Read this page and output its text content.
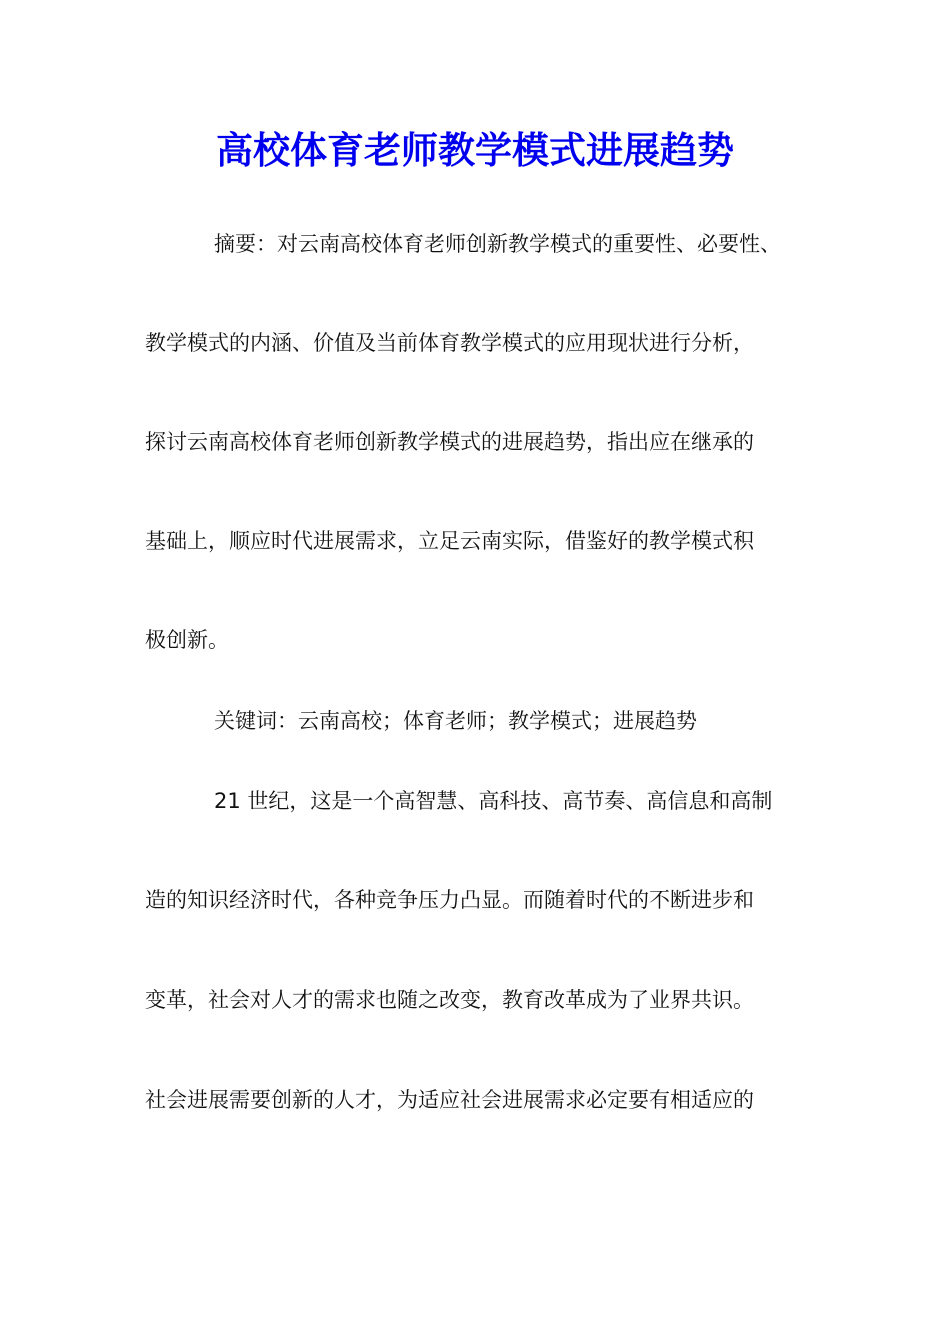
高校体育老师教学模式进展趋势

摘要：对云南高校体育老师创新教学模式的重要性、必要性、

教学模式的内涵、价值及当前体育教学模式的应用现状进行分析，

探讨云南高校体育老师创新教学模式的进展趋势，指出应在继承的

基础上，顺应时代进展需求，立足云南实际，借鉴好的教学模式积

极创新。

关键词：云南高校；体育老师；教学模式；进展趋势

21 世纪，这是一个高智慧、高科技、高节奏、高信息和高制

造的知识经济时代，各种竞争压力凸显。而随着时代的不断进步和

变革，社会对人才的需求也随之改变，教育改革成为了业界共识。

社会进展需要创新的人才，为适应社会进展需求必定要有相适应的
